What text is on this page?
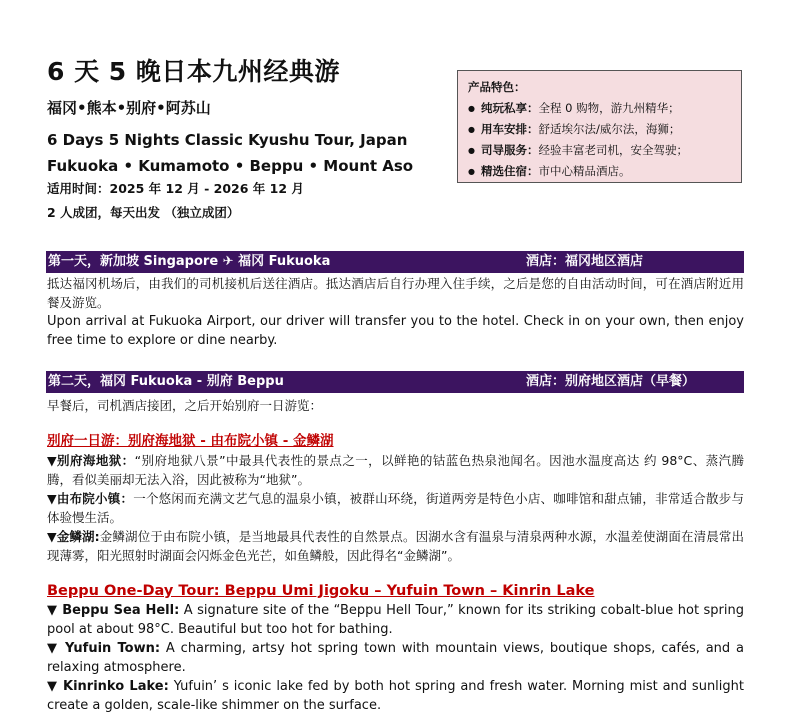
6 天 5 晚日本九州经典游
福冈•熊本•别府•阿苏山
6 Days 5 Nights Classic Kyushu Tour, Japan
Fukuoka • Kumamoto • Beppu • Mount Aso
适用时间：2025 年 12 月 - 2026 年 12 月
2 人成团，每天出发 （独立成团）
产品特色：
● 纯玩私享：全程 0 购物，游九州精华；
● 用车安排：舒适埃尔法/威尔法，海狮；
● 司导服务：经验丰富老司机，安全驾驶；
● 精选住宿：市中心精品酒店。
第一天，新加坡 Singapore ✈ 福冈 Fukuoka	酒店：福冈地区酒店

抵达福冈机场后，由我们的司机接机后送往酒店。抵达酒店后自行办理入住手续，之后是您的自由活动时间，可在酒店附近用餐及游览。

Upon arrival at Fukuoka Airport, our driver will transfer you to the hotel. Check in on your own, then enjoy free time to explore or dine nearby.

第二天，福冈 Fukuoka - 别府 Beppu	酒店：别府地区酒店（早餐）
早餐后，司机酒店接团，之后开始别府一日游览：
别府一日游：别府海地狱 - 由布院小镇 - 金鳞湖

▼别府海地狱：“别府地狱八景”中最具代表性的景点之一，以鲜艳的钴蓝色热泉池闻名。因池水温度高达 约 98°C、蒸汽腾腾，看似美丽却无法入浴，因此被称为“地狱”。

▼由布院小镇：一个悠闲而充满文艺气息的温泉小镇，被群山环绕，街道两旁是特色小店、咖啡馆和甜点铺，非常适合散步与体验慢生活。

▼金鳞湖:金鳞湖位于由布院小镇，是当地最具代表性的自然景点。因湖水含有温泉与清泉两种水源，水温差使湖面在清晨常出现薄雾，阳光照射时湖面会闪烁金色光芒，如鱼鳞般，因此得名“金鳞湖”。

Beppu One-Day Tour: Beppu Umi Jigoku – Yufuin Town – Kinrin Lake

▼ Beppu Sea Hell: A signature site of the “Beppu Hell Tour,” known for its striking cobalt-blue hot spring pool at about 98°C. Beautiful but too hot for bathing.

▼ Yufuin Town: A charming, artsy hot spring town with mountain views, boutique shops, cafés, and a relaxing atmosphere.

▼ Kinrinko Lake: Yufuin’ s iconic lake fed by both hot spring and fresh water. Morning mist and sunlight create a golden, scale-like shimmer on the surface.
